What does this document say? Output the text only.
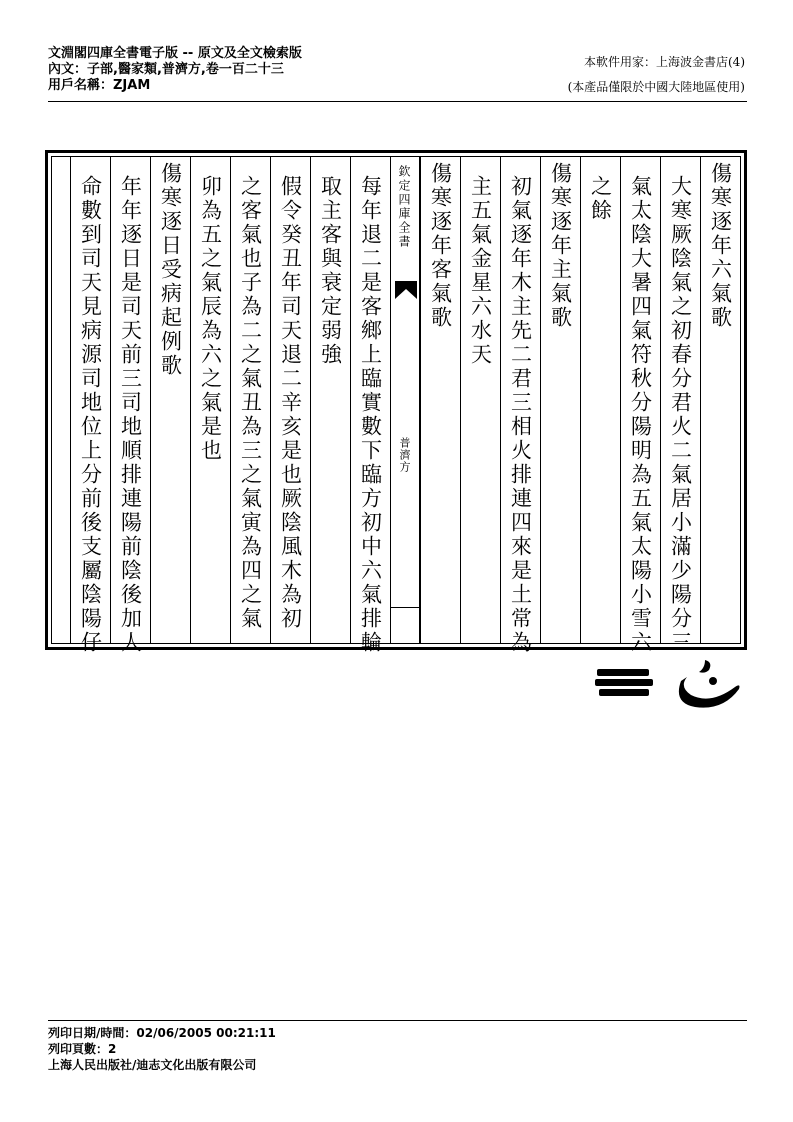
文淵閣四庫全書電子版 -- 原文及全文檢索版
內文：子部,醫家類,普濟方,卷一百二十三
用戶名稱：ZJAM
本軟件用家：上海波金書店(4)
(本產品僅限於中國大陸地區使用)
傷寒逐年六氣歌
大寒厥陰氣之初春分君火二氣居小滿少陽分三
氣太陰大暑四氣符秋分陽明為五氣太陽小雪六
之餘
傷寒逐年主氣歌
初氣逐年木主先二君三相火排連四來是土常為
主五氣金星六水天
傷寒逐年客氣歌
欽定四庫全書
普濟方
每年退二是客鄉上臨實數下臨方初中六氣排輪
取主客與衰定弱強
假令癸丑年司天退二辛亥是也厥陰風木為初
之客氣也子為二之氣丑為三之氣寅為四之氣
卯為五之氣辰為六之氣是也
傷寒逐日受病起例歌
年年逐日是司天前三司地順排連陽前陰後加人
命數到司天見病源司地位上分前後支屬陰陽仔
列印日期/時間：02/06/2005 00:21:11
列印頁數：2
上海人民出版社/迪志文化出版有限公司
